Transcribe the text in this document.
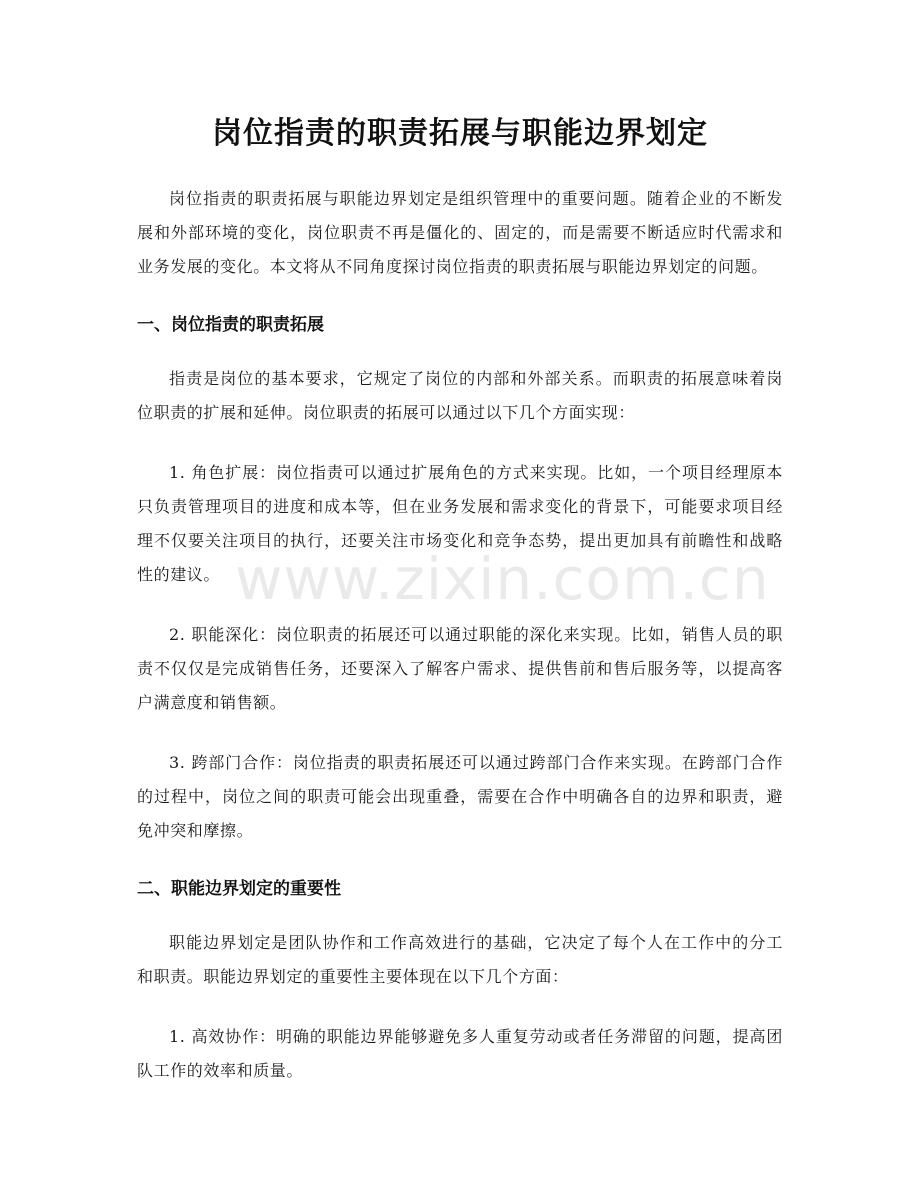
岗位指责的职责拓展与职能边界划定

岗位指责的职责拓展与职能边界划定是组织管理中的重要问题。随着企业的不断发展和外部环境的变化，岗位职责不再是僵化的、固定的，而是需要不断适应时代需求和业务发展的变化。本文将从不同角度探讨岗位指责的职责拓展与职能边界划定的问题。

一、岗位指责的职责拓展

指责是岗位的基本要求，它规定了岗位的内部和外部关系。而职责的拓展意味着岗位职责的扩展和延伸。岗位职责的拓展可以通过以下几个方面实现：

1. 角色扩展：岗位指责可以通过扩展角色的方式来实现。比如，一个项目经理原本只负责管理项目的进度和成本等，但在业务发展和需求变化的背景下，可能要求项目经理不仅要关注项目的执行，还要关注市场变化和竞争态势，提出更加具有前瞻性和战略性的建议。

2. 职能深化：岗位职责的拓展还可以通过职能的深化来实现。比如，销售人员的职责不仅仅是完成销售任务，还要深入了解客户需求、提供售前和售后服务等，以提高客户满意度和销售额。

3. 跨部门合作：岗位指责的职责拓展还可以通过跨部门合作来实现。在跨部门合作的过程中，岗位之间的职责可能会出现重叠，需要在合作中明确各自的边界和职责，避免冲突和摩擦。

二、职能边界划定的重要性

职能边界划定是团队协作和工作高效进行的基础，它决定了每个人在工作中的分工和职责。职能边界划定的重要性主要体现在以下几个方面：

1. 高效协作：明确的职能边界能够避免多人重复劳动或者任务滞留的问题，提高团队工作的效率和质量。

www.zixin.com.cn
